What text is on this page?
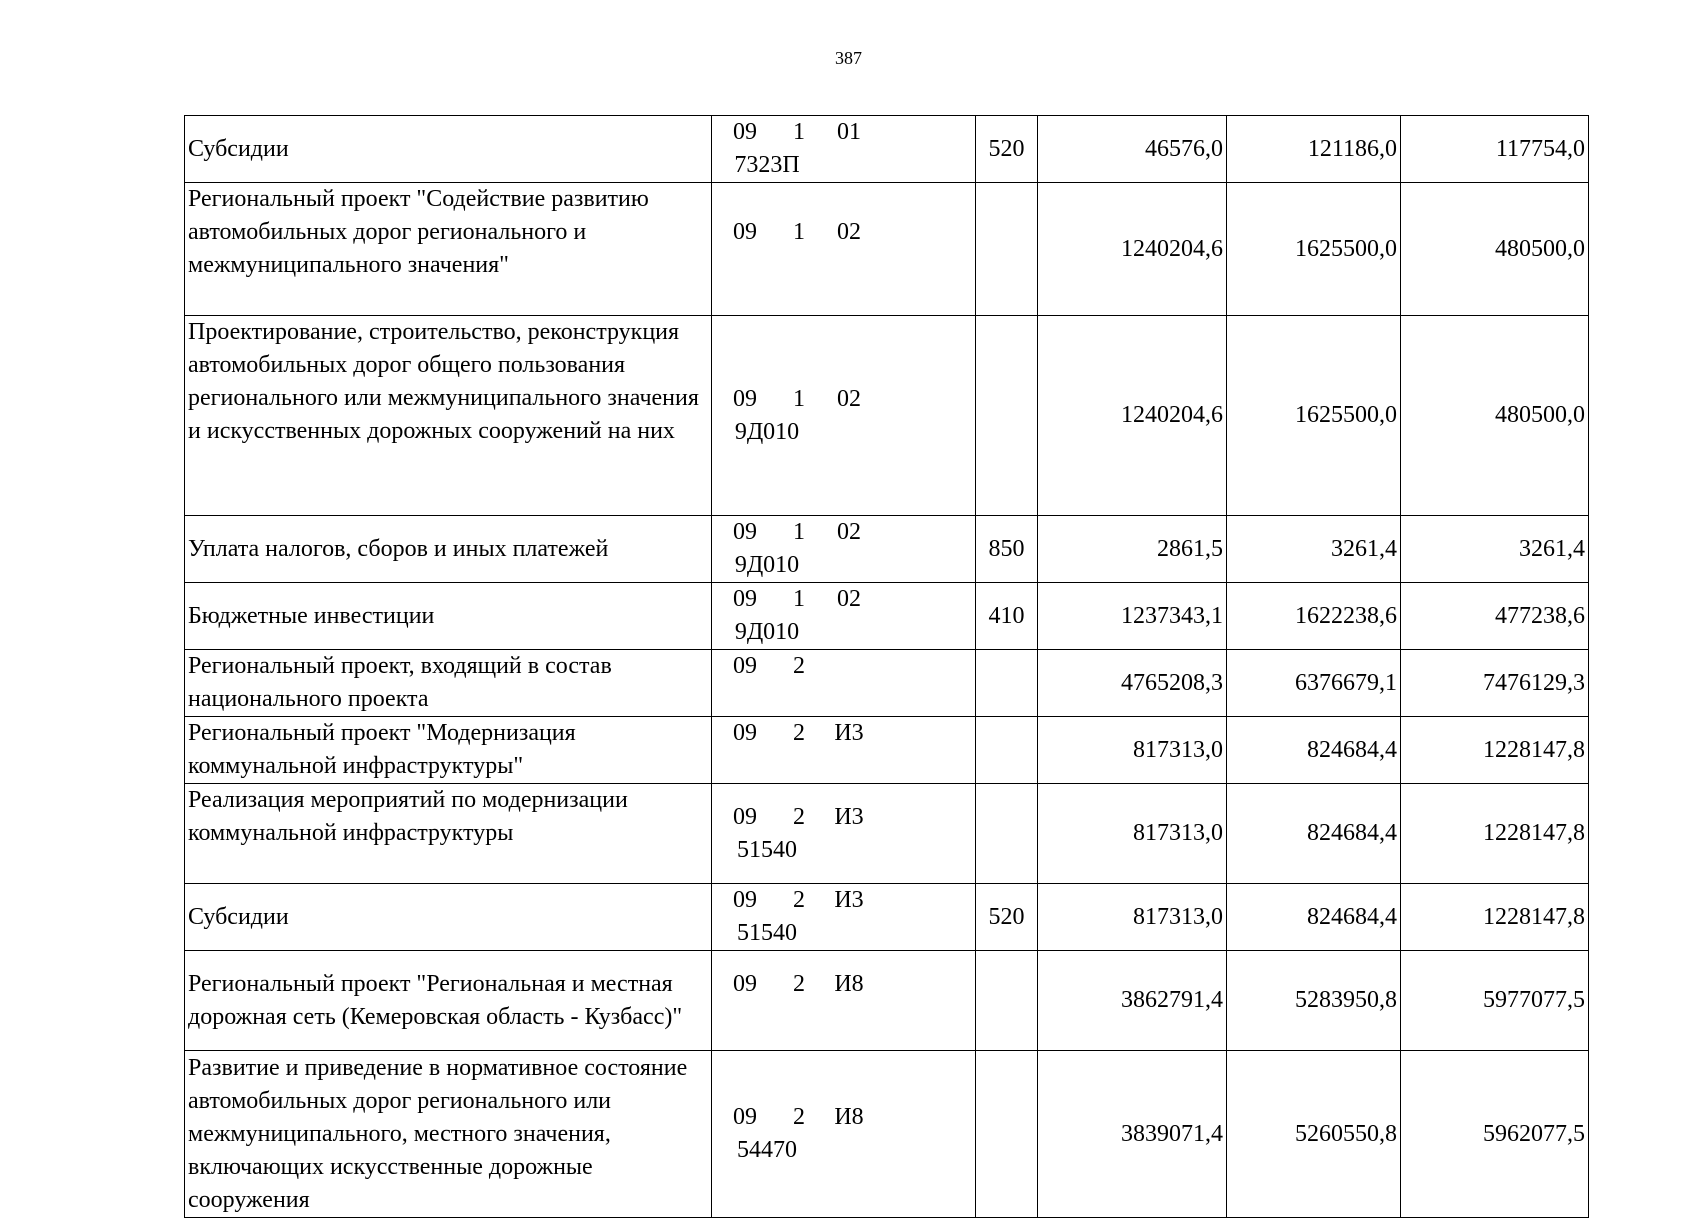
387
Субсидии	09 1 017323П	520	46576,0	121186,0	117754,0
Региональный проект "Содействие развитию автомобильных дорог регионального и межмуниципального значения"	09 1 02		1240204,6	1625500,0	480500,0
Проектирование, строительство, реконструкция автомобильных дорог общего пользования регионального или межмуниципального значения и искусственных дорожных сооружений на них	09 1 029Д010		1240204,6	1625500,0	480500,0
Уплата налогов, сборов и иных платежей	09 1 029Д010	850	2861,5	3261,4	3261,4
Бюджетные инвестиции	09 1 029Д010	410	1237343,1	1622238,6	477238,6
Региональный проект, входящий в состав национального проекта	09 2		4765208,3	6376679,1	7476129,3
Региональный проект "Модернизация коммунальной инфраструктуры"	09 2 И3		817313,0	824684,4	1228147,8
Реализация мероприятий по модернизации коммунальной инфраструктуры	09 2 И351540		817313,0	824684,4	1228147,8
Субсидии	09 2 И351540	520	817313,0	824684,4	1228147,8
Региональный проект "Региональная и местная дорожная сеть (Кемеровская область - Кузбасс)"	09 2 И8		3862791,4	5283950,8	5977077,5
Развитие и приведение в нормативное состояние автомобильных дорог регионального или межмуниципального, местного значения, включающих искусственные дорожные сооружения	09 2 И854470		3839071,4	5260550,8	5962077,5
